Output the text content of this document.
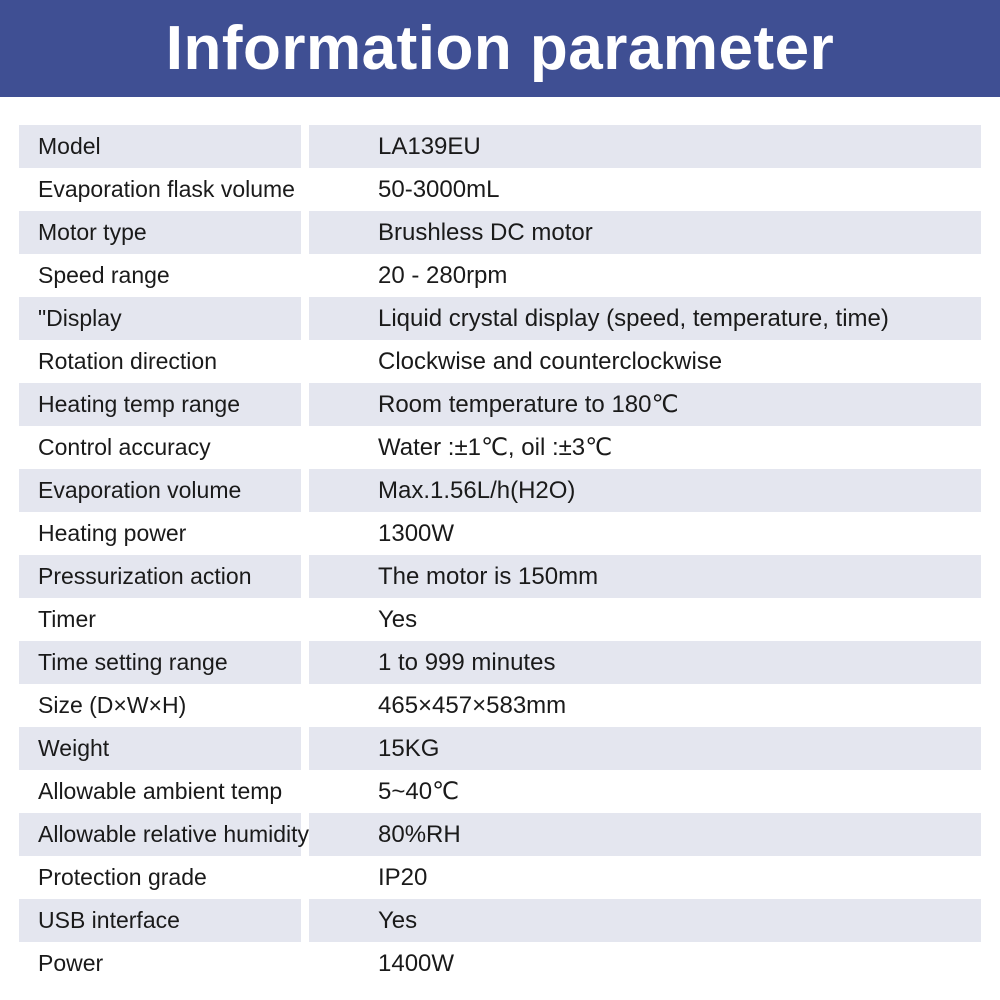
Information parameter
Model	LA139EU
Evaporation flask volume	50-3000mL
Motor type	Brushless DC motor
Speed range	20 - 280rpm
"Display	Liquid crystal display (speed, temperature, time)
Rotation direction	Clockwise and counterclockwise
Heating temp range	Room temperature to 180℃
Control accuracy	Water :±1℃, oil :±3℃
Evaporation volume	Max.1.56L/h(H2O)
Heating power	1300W
Pressurization action	The motor is 150mm
Timer	Yes
Time setting range	1 to 999 minutes
Size (D×W×H)	465×457×583mm
Weight	15KG
Allowable ambient temp	5~40℃
Allowable relative humidity	80%RH
Protection grade	IP20
USB interface	Yes
Power	1400W
